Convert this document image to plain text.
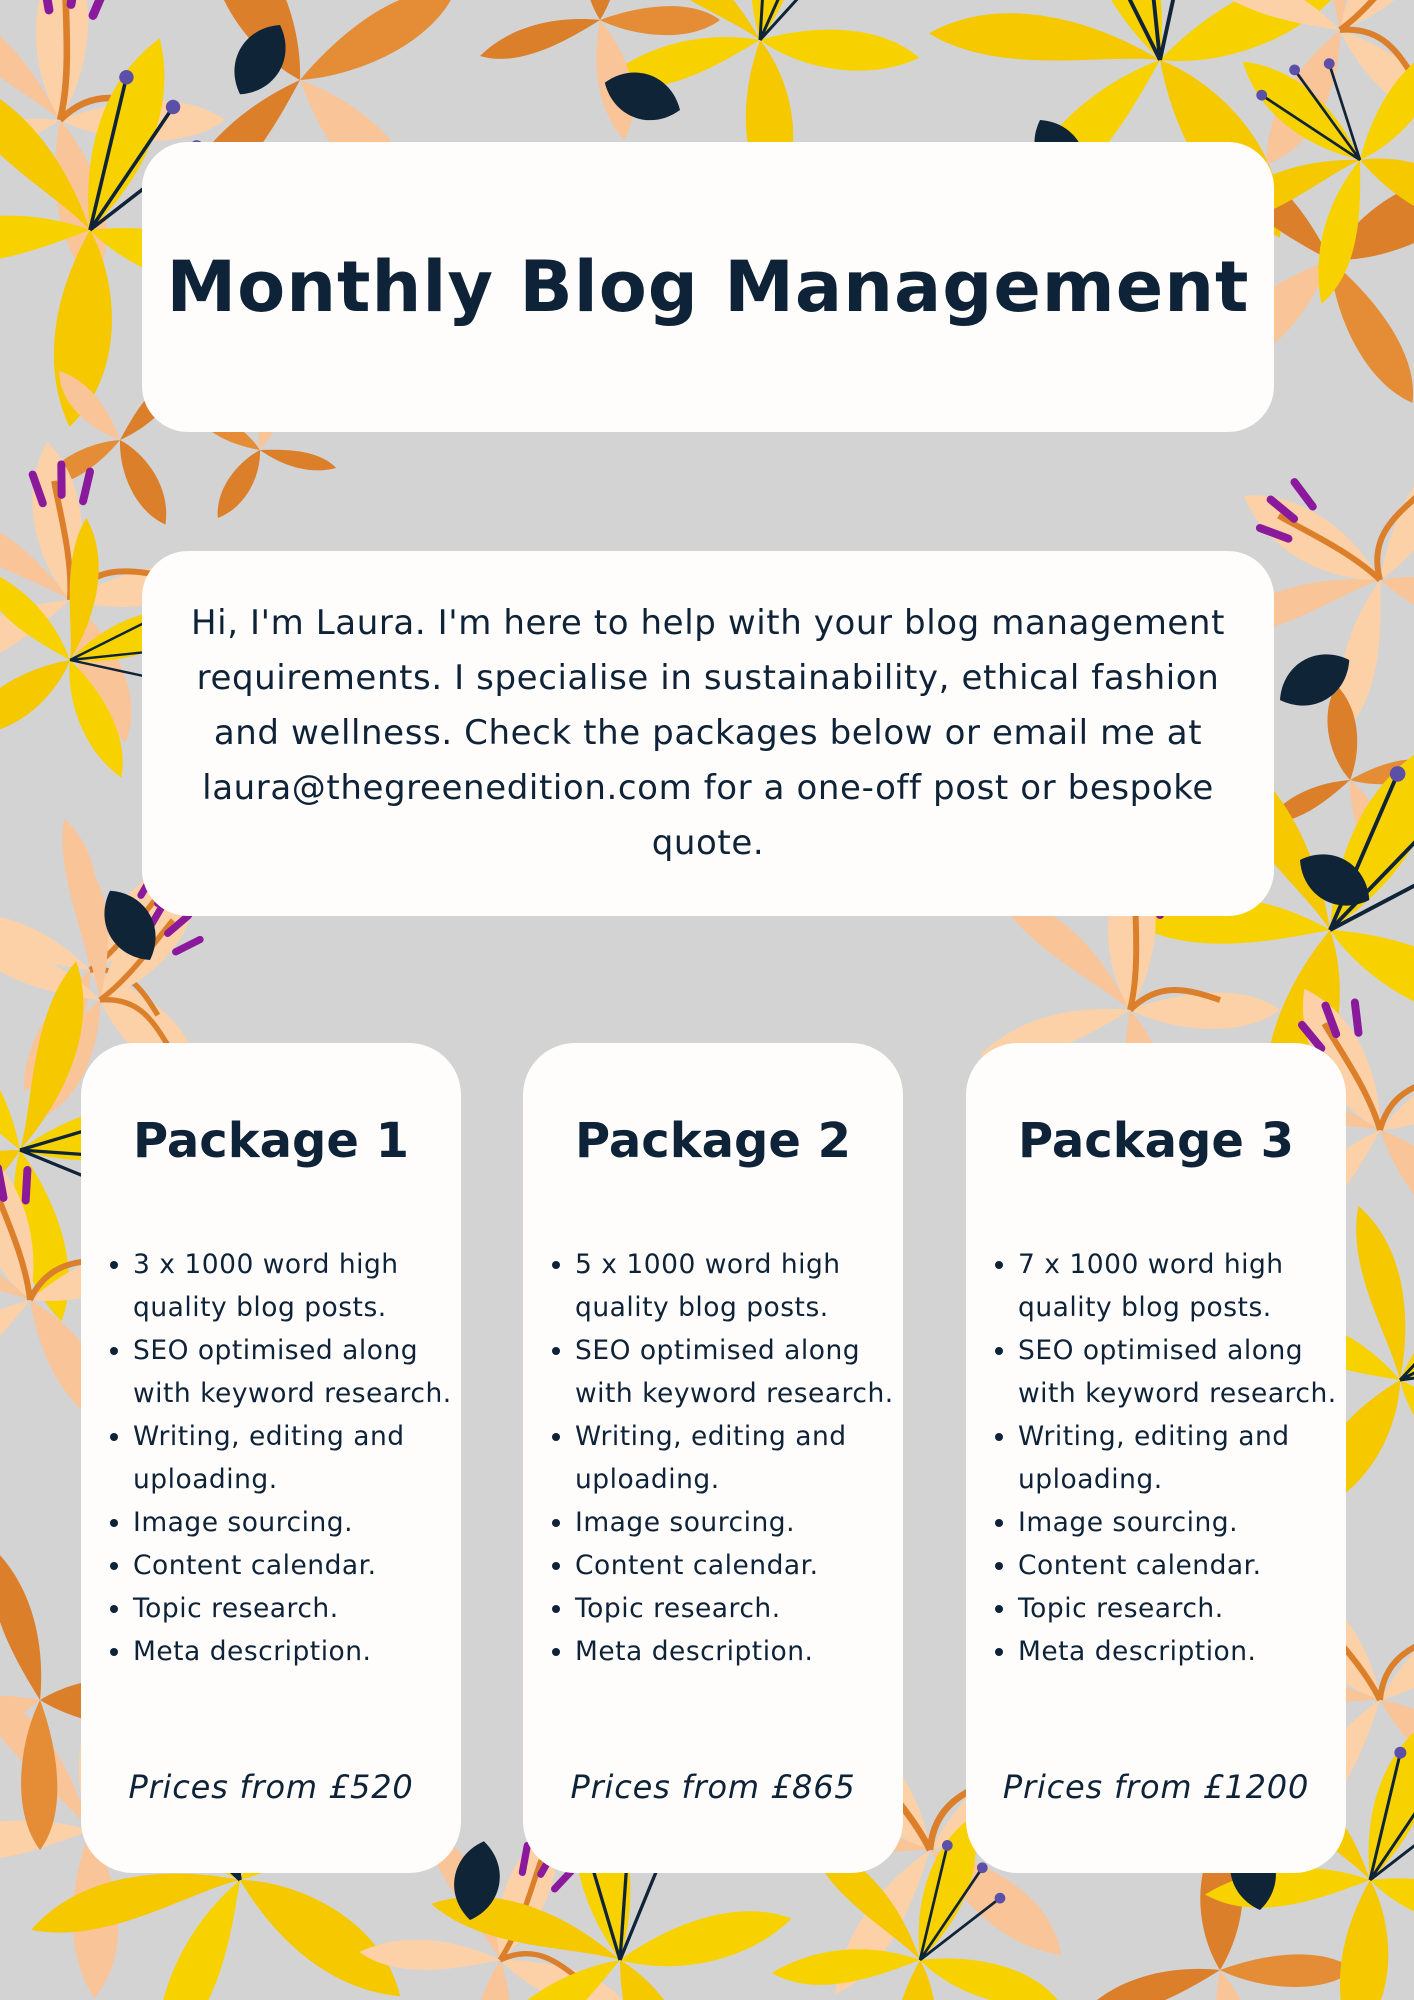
Monthly Blog Management

Hi, I'm Laura. I'm here to help with your blog management requirements. I specialise in sustainability, ethical fashion and wellness. Check the packages below or email me at laura@thegreenedition.com for a one-off post or bespoke quote.

Package 1
• 3 x 1000 word high quality blog posts.
• SEO optimised along with keyword research.
• Writing, editing and uploading.
• Image sourcing.
• Content calendar.
• Topic research.
• Meta description.
Prices from £520
Package 2
• 5 x 1000 word high quality blog posts.
• SEO optimised along with keyword research.
• Writing, editing and uploading.
• Image sourcing.
• Content calendar.
• Topic research.
• Meta description.
Prices from £865
Package 3
• 7 x 1000 word high quality blog posts.
• SEO optimised along with keyword research.
• Writing, editing and uploading.
• Image sourcing.
• Content calendar.
• Topic research.
• Meta description.
Prices from £1200
